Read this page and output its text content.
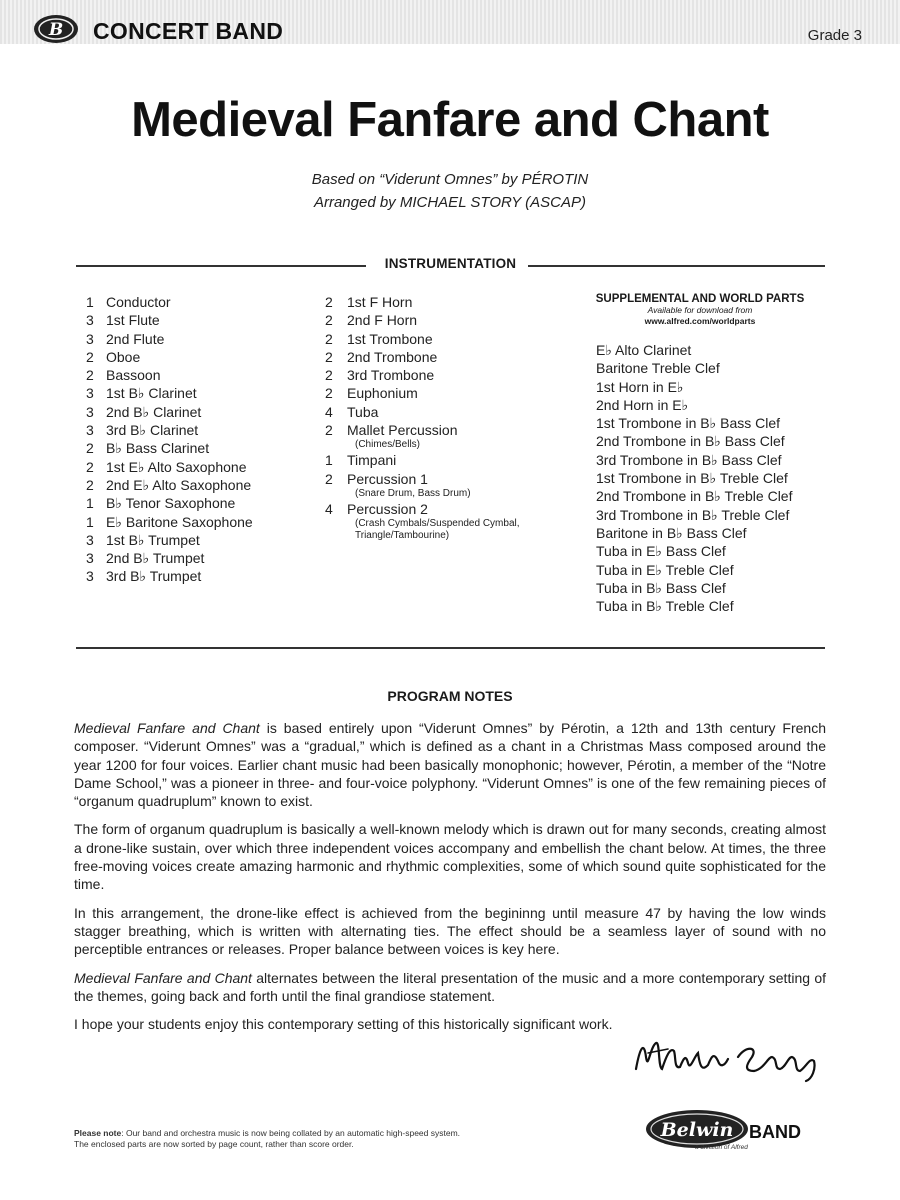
B CONCERT BAND	Grade 3
Medieval Fanfare and Chant
Based on “Viderunt Omnes” by PÉROTIN
Arranged by MICHAEL STORY (ASCAP)
INSTRUMENTATION
1 Conductor
3 1st Flute
3 2nd Flute
2 Oboe
2 Bassoon
3 1st B♭ Clarinet
3 2nd B♭ Clarinet
3 3rd B♭ Clarinet
2 B♭ Bass Clarinet
2 1st E♭ Alto Saxophone
2 2nd E♭ Alto Saxophone
1 B♭ Tenor Saxophone
1 E♭ Baritone Saxophone
3 1st B♭ Trumpet
3 2nd B♭ Trumpet
3 3rd B♭ Trumpet
2	1st F Horn
2	2nd F Horn
2	1st Trombone
2	2nd Trombone
2	3rd Trombone
2	Euphonium
4	Tuba
2	Mallet Percussion
(Chimes/Bells)
1	Timpani
2	Percussion 1
(Snare Drum, Bass Drum)
4	Percussion 2
(Crash Cymbals/Suspended Cymbal,
Triangle/Tambourine)
SUPPLEMENTAL AND WORLD PARTS
Available for download from
www.alfred.com/worldparts
E♭ Alto Clarinet
Baritone Treble Clef
1st Horn in E♭
2nd Horn in E♭
1st Trombone in B♭ Bass Clef
2nd Trombone in B♭ Bass Clef
3rd Trombone in B♭ Bass Clef
1st Trombone in B♭ Treble Clef
2nd Trombone in B♭ Treble Clef
3rd Trombone in B♭ Treble Clef
Baritone in B♭ Bass Clef
Tuba in E♭ Bass Clef
Tuba in E♭ Treble Clef
Tuba in B♭ Bass Clef
Tuba in B♭ Treble Clef
PROGRAM NOTES

Medieval Fanfare and Chant is based entirely upon “Viderunt Omnes” by Pérotin, a 12th and 13th century French composer. “Viderunt Omnes” was a “gradual,” which is defined as a chant in a Christmas Mass composed around the year 1200 for four voices. Earlier chant music had been basically monophonic; however, Pérotin, a member of the “Notre Dame School,” was a pioneer in three- and four-voice polyphony. “Viderunt Omnes” is one of the few remaining pieces of “organum quadruplum” known to exist.

The form of organum quadruplum is basically a well-known melody which is drawn out for many seconds, creating almost a drone-like sustain, over which three independent voices accompany and embellish the chant below. At times, the three free-moving voices create amazing harmonic and rhythmic complexities, some of which sound quite sophisticated for the time.

In this arrangement, the drone-like effect is achieved from the begininng until measure 47 by having the low winds stagger breathing, which is written with alternating ties. The effect should be a seamless layer of sound with no perceptible entrances or releases. Proper balance between voices is key here.

Medieval Fanfare and Chant alternates between the literal presentation of the music and a more contemporary setting of the themes, going back and forth until the final grandiose statement.

I hope your students enjoy this contemporary setting of this historically significant work.

Please note: Our band and orchestra music is now being collated by an automatic high-speed system.
The enclosed parts are now sorted by page count, rather than score order.
Belwin BAND
a division of Alfred
